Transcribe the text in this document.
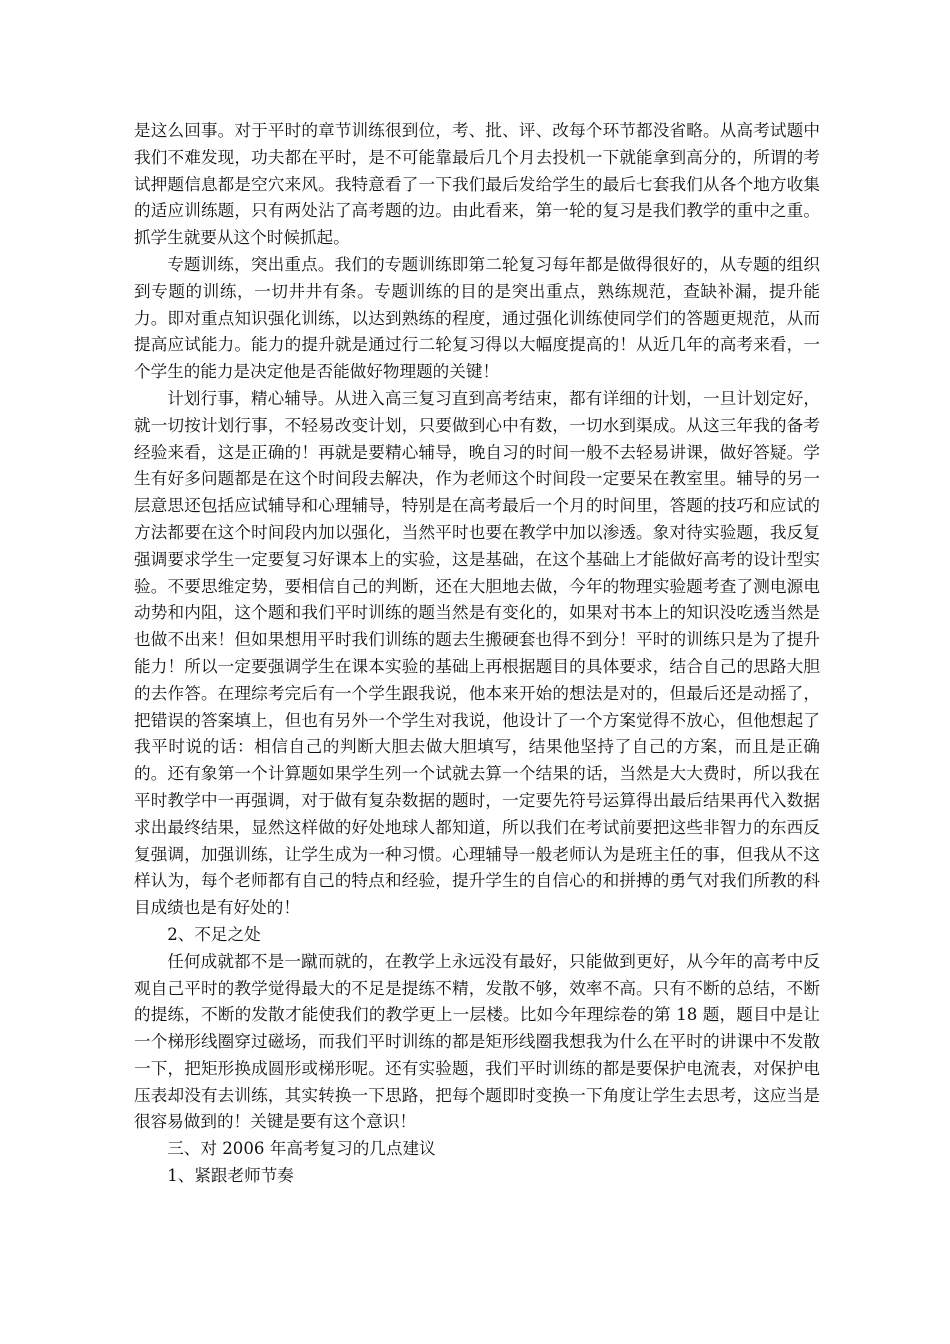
是这么回事。对于平时的章节训练很到位，考、批、评、改每个环节都没省略。从高考试题中我们不难发现，功夫都在平时，是不可能靠最后几个月去投机一下就能拿到高分的，所谓的考试押题信息都是空穴来风。我特意看了一下我们最后发给学生的最后七套我们从各个地方收集的适应训练题，只有两处沾了高考题的边。由此看来，第一轮的复习是我们教学的重中之重。抓学生就要从这个时候抓起。

专题训练，突出重点。我们的专题训练即第二轮复习每年都是做得很好的，从专题的组织到专题的训练，一切井井有条。专题训练的目的是突出重点，熟练规范，查缺补漏，提升能力。即对重点知识强化训练，以达到熟练的程度，通过强化训练使同学们的答题更规范，从而提高应试能力。能力的提升就是通过行二轮复习得以大幅度提高的！从近几年的高考来看，一个学生的能力是决定他是否能做好物理题的关键！

计划行事，精心辅导。从进入高三复习直到高考结束，都有详细的计划，一旦计划定好，就一切按计划行事，不轻易改变计划，只要做到心中有数，一切水到渠成。从这三年我的备考经验来看，这是正确的！再就是要精心辅导，晚自习的时间一般不去轻易讲课，做好答疑。学生有好多问题都是在这个时间段去解决，作为老师这个时间段一定要呆在教室里。辅导的另一层意思还包括应试辅导和心理辅导，特别是在高考最后一个月的时间里，答题的技巧和应试的方法都要在这个时间段内加以强化，当然平时也要在教学中加以渗透。象对待实验题，我反复强调要求学生一定要复习好课本上的实验，这是基础，在这个基础上才能做好高考的设计型实验。不要思维定势，要相信自己的判断，还在大胆地去做，今年的物理实验题考查了测电源电动势和内阻，这个题和我们平时训练的题当然是有变化的，如果对书本上的知识没吃透当然是也做不出来！但如果想用平时我们训练的题去生搬硬套也得不到分！平时的训练只是为了提升能力！所以一定要强调学生在课本实验的基础上再根据题目的具体要求，结合自己的思路大胆的去作答。在理综考完后有一个学生跟我说，他本来开始的想法是对的，但最后还是动摇了，把错误的答案填上，但也有另外一个学生对我说，他设计了一个方案觉得不放心，但他想起了我平时说的话：相信自己的判断大胆去做大胆填写，结果他坚持了自己的方案，而且是正确的。还有象第一个计算题如果学生列一个试就去算一个结果的话，当然是大大费时，所以我在平时教学中一再强调，对于做有复杂数据的题时，一定要先符号运算得出最后结果再代入数据求出最终结果，显然这样做的好处地球人都知道，所以我们在考试前要把这些非智力的东西反复强调，加强训练，让学生成为一种习惯。心理辅导一般老师认为是班主任的事，但我从不这样认为，每个老师都有自己的特点和经验，提升学生的自信心的和拼搏的勇气对我们所教的科目成绩也是有好处的！

2、不足之处

任何成就都不是一蹴而就的，在教学上永远没有最好，只能做到更好，从今年的高考中反观自己平时的教学觉得最大的不足是提练不精，发散不够，效率不高。只有不断的总结，不断的提练，不断的发散才能使我们的教学更上一层楼。比如今年理综卷的第 18 题，题目中是让一个梯形线圈穿过磁场，而我们平时训练的都是矩形线圈我想我为什么在平时的讲课中不发散一下，把矩形换成圆形或梯形呢。还有实验题，我们平时训练的都是要保护电流表，对保护电压表却没有去训练，其实转换一下思路，把每个题即时变换一下角度让学生去思考，这应当是很容易做到的！关键是要有这个意识！

三、对 2006 年高考复习的几点建议

1、紧跟老师节奏
